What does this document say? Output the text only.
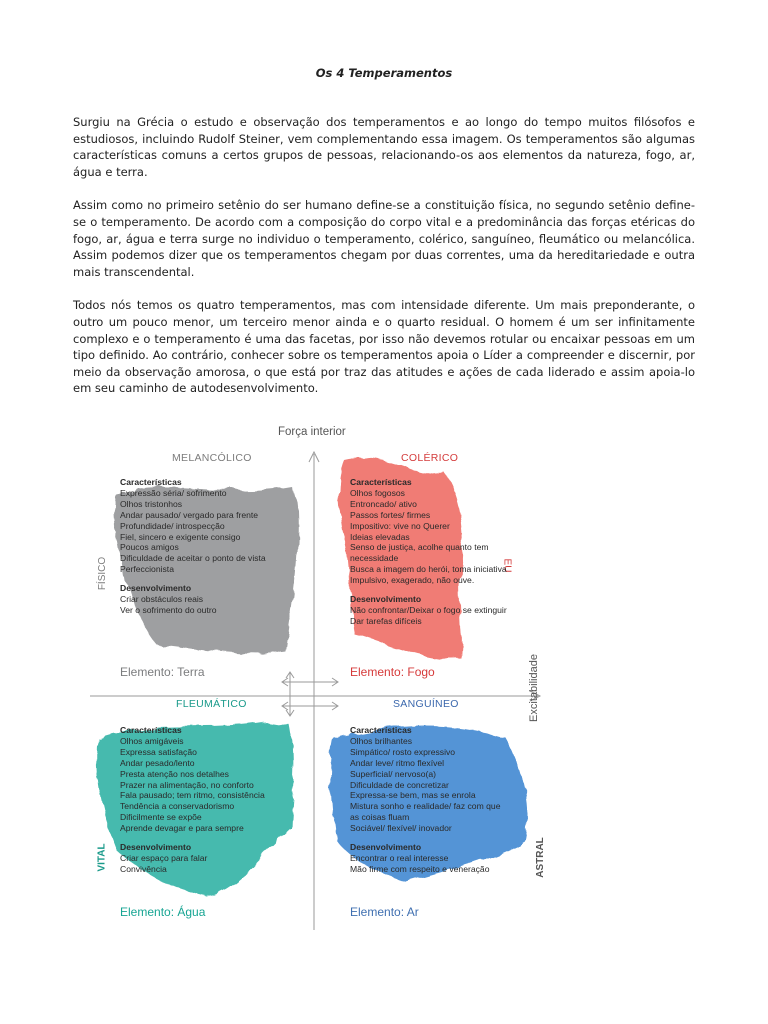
Os 4 Temperamentos

Surgiu na Grécia o estudo e observação dos temperamentos e ao longo do tempo muitos filósofos e estudiosos, incluindo Rudolf Steiner, vem complementando essa imagem. Os temperamentos são algumas características comuns a certos grupos de pessoas, relacionando-os aos elementos da natureza, fogo, ar, água e terra.

Assim como no primeiro setênio do ser humano define-se a constituição física, no segundo setênio define-se o temperamento. De acordo com a composição do corpo vital e a predominância das forças etéricas do fogo, ar, água e terra surge no individuo o temperamento, colérico, sanguíneo, fleumático ou melancólica. Assim podemos dizer que os temperamentos chegam por duas correntes, uma da hereditariedade e outra mais transcendental.

Todos nós temos os quatro temperamentos, mas com intensidade diferente. Um mais preponderante, o outro um pouco menor, um terceiro menor ainda e o quarto residual. O homem é um ser infinitamente complexo e o temperamento é uma das facetas, por isso não devemos rotular ou encaixar pessoas em um tipo definido. Ao contrário, conhecer sobre os temperamentos apoia o Líder a compreender e discernir, por meio da observação amorosa, o que está por traz das atitudes e ações de cada liderado e assim apoia-lo em seu caminho de autodesenvolvimento.

Força interior
Excitabilidade
FÍSICO	EU
VITAL	ASTRAL
MELANCÓLICO
Características
Expressão séria/ sofrimento
Olhos tristonhos
Andar pausado/ vergado para frente
Profundidade/ introspecção
Fiel, sincero e exigente consigo
Poucos amigos
Dificuldade de aceitar o ponto de vista
Perfeccionista
Desenvolvimento
Criar obstáculos reais
Ver o sofrimento do outro
Elemento: Terra
COLÉRICO
Características
Olhos fogosos
Entroncado/ ativo
Passos fortes/ firmes
Impositivo: vive no Querer
Ideias elevadas
Senso de justiça, acolhe quanto tem
necessidade
Busca a imagem do herói, toma iniciativa
Impulsivo, exagerado, não ouve.
Desenvolvimento
Não confrontar/Deixar o fogo se extinguir
Dar tarefas difíceis
Elemento: Fogo
FLEUMÁTICO
Características
Olhos amigáveis
Expressa satisfação
Andar pesado/lento
Presta atenção nos detalhes
Prazer na alimentação, no conforto
Fala pausado; tem ritmo, consistência
Tendência a conservadorismo
Dificilmente se expõe
Aprende devagar e para sempre
Desenvolvimento
Criar espaço para falar
Convivência
Elemento: Água
SANGUÍNEO
Características
Olhos brilhantes
Simpático/ rosto expressivo
Andar leve/ ritmo flexível
Superficial/ nervoso(a)
Dificuldade de concretizar
Expressa-se bem, mas se enrola
Mistura sonho e realidade/ faz com que
as coisas fluam
Sociável/ flexível/ inovador
Desenvolvimento
Encontrar o real interesse
Mão firme com respeito e veneração
Elemento: Ar
